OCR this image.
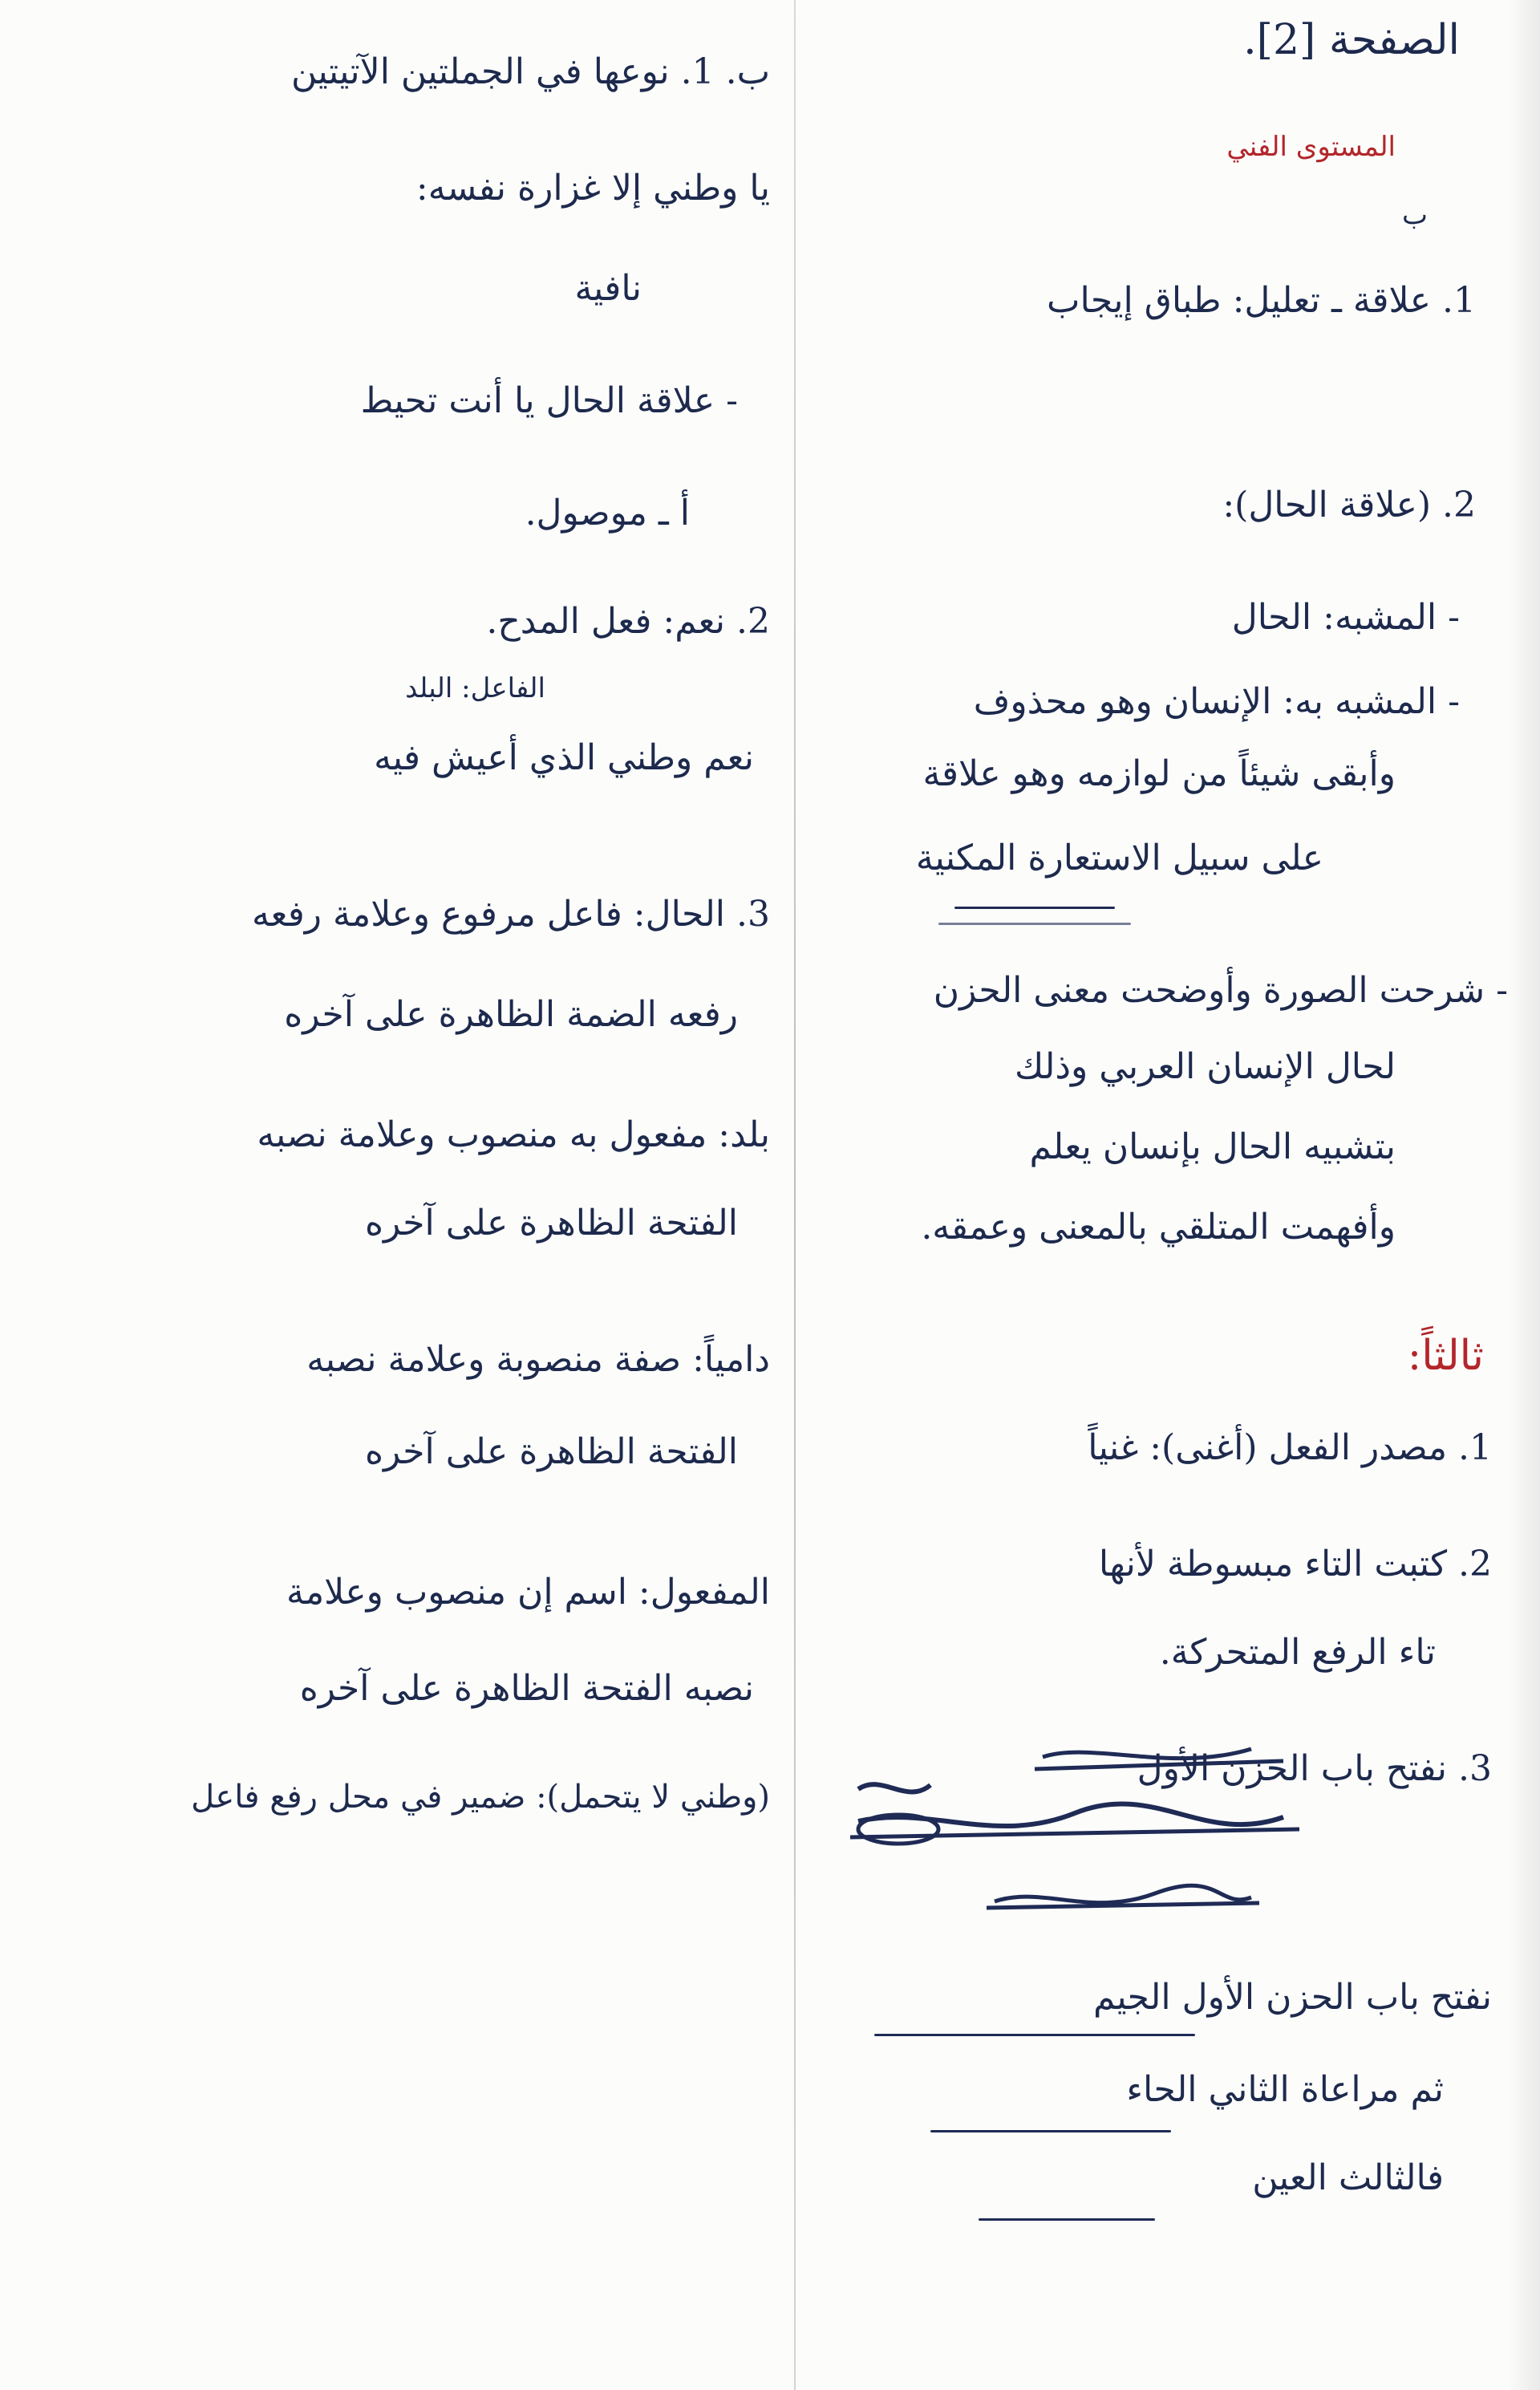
الصفحة [2].
المستوى الفني
ب
1. علاقة ـ تعليل: طباق إيجاب
2. (علاقة الحال):
- المشبه: الحال
- المشبه به: الإنسان وهو محذوف
وأبقى شيئاً من لوازمه وهو علاقة
على سبيل الاستعارة المكنية
- شرحت الصورة وأوضحت معنى الحزن
لحال الإنسان العربي وذلك
بتشبيه الحال بإنسان يعلم
وأفهمت المتلقي بالمعنى وعمقه.
ثالثاً:
1. مصدر الفعل (أغنى): غنياً
2. كتبت التاء مبسوطة لأنها
تاء الرفع المتحركة.
3. نفتح باب الحزن الأول
نفتح باب الحزن الأول الجيم
ثم مراعاة الثاني الحاء
فالثالث العين
ب. 1. نوعها في الجملتين الآتيتين
يا وطني إلا غزارة نفسه:
نافية
- علاقة الحال يا أنت تحيط
أ ـ موصول.
2. نعم: فعل المدح.
الفاعل: البلد
نعم وطني الذي أعيش فيه
3. الحال: فاعل مرفوع وعلامة رفعه
رفعه الضمة الظاهرة على آخره
بلد: مفعول به منصوب وعلامة نصبه
الفتحة الظاهرة على آخره
دامياً: صفة منصوبة وعلامة نصبه
الفتحة الظاهرة على آخره
المفعول: اسم إن منصوب وعلامة
نصبه الفتحة الظاهرة على آخره
(وطني لا يتحمل): ضمير في محل رفع فاعل
